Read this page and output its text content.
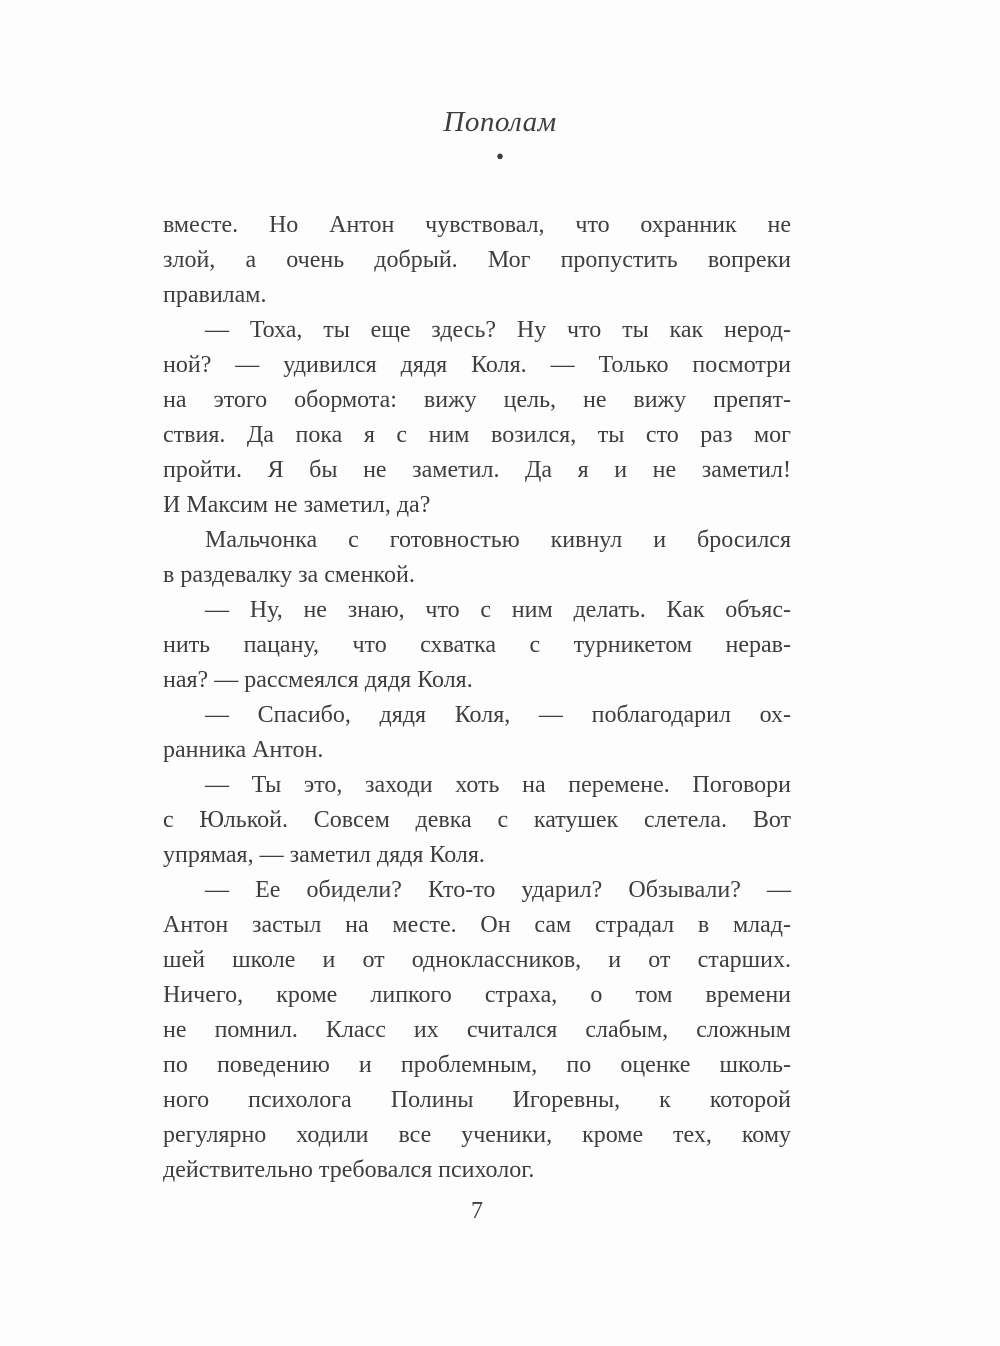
Пополам
●
вместе. Но Антон чувствовал, что охранник не
злой, а очень добрый. Мог пропустить вопреки
правилам.
— Тоха, ты еще здесь? Ну что ты как нерод-
ной? — удивился дядя Коля. — Только посмотри
на этого обормота: вижу цель, не вижу препят-
ствия. Да пока я с ним возился, ты сто раз мог
пройти. Я бы не заметил. Да я и не заметил!
И Максим не заметил, да?
Мальчонка с готовностью кивнул и бросился
в раздевалку за сменкой.
— Ну, не знаю, что с ним делать. Как объяс-
нить пацану, что схватка с турникетом нерав-
ная? — рассмеялся дядя Коля.
— Спасибо, дядя Коля, — поблагодарил ох-
ранника Антон.
— Ты это, заходи хоть на перемене. Поговори
с Юлькой. Совсем девка с катушек слетела. Вот
упрямая, — заметил дядя Коля.
— Ее обидели? Кто-то ударил? Обзывали? —
Антон застыл на месте. Он сам страдал в млад-
шей школе и от одноклассников, и от старших.
Ничего, кроме липкого страха, о том времени
не помнил. Класс их считался слабым, сложным
по поведению и проблемным, по оценке школь-
ного психолога Полины Игоревны, к которой
регулярно ходили все ученики, кроме тех, кому
действительно требовался психолог.
7
